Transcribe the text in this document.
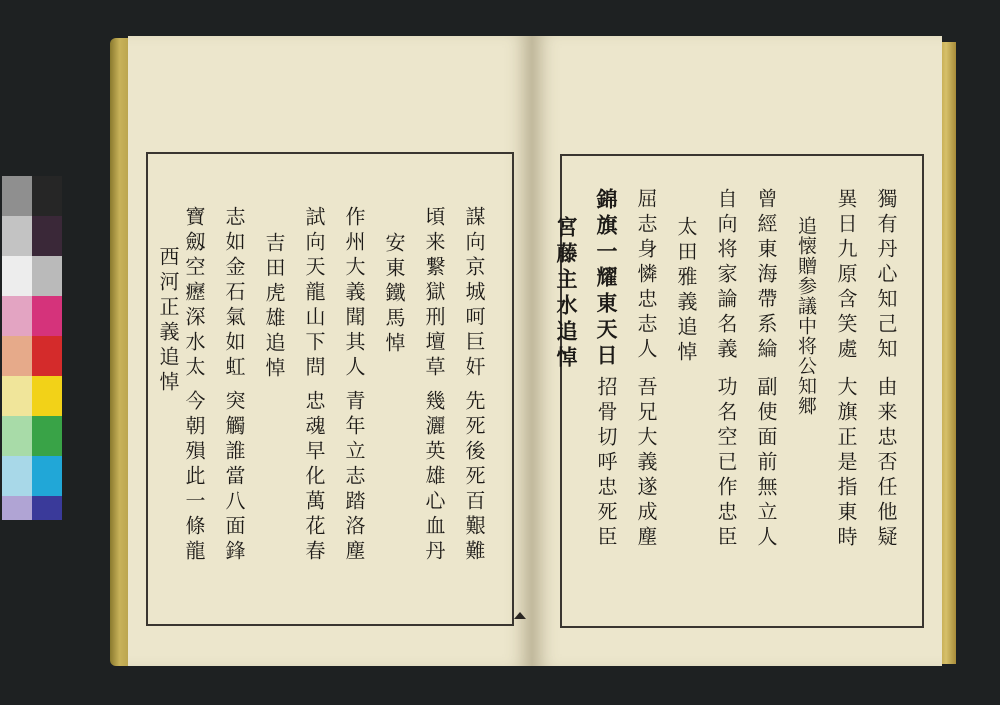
謀向京城呵巨奸
先死後死百艱難
頃来繋獄刑壇草
幾灑英雄心血丹
安東鐵馬悼
作州大義聞其人
青年立志踏洛塵
試向天龍山下問
忠魂早化萬花春
吉田虎雄追悼
志如金石氣如虹
突觸誰當八面鋒
寶劔空癧深水太
今朝殞此一條龍
西河正義追悼	獨有丹心知己知
由来忠否任他疑
異日九原含笑處
大旗正是指東時
追懐贈参議中将公知郷
曾經東海帶系綸
副使面前無立人
自向将家論名義
功名空已作忠臣
太田雅義追悼
屈志身憐忠志人
吾兄大義遂成塵
錦旗一耀東天日
招骨切呼忠死臣
宮藤主水追悼
